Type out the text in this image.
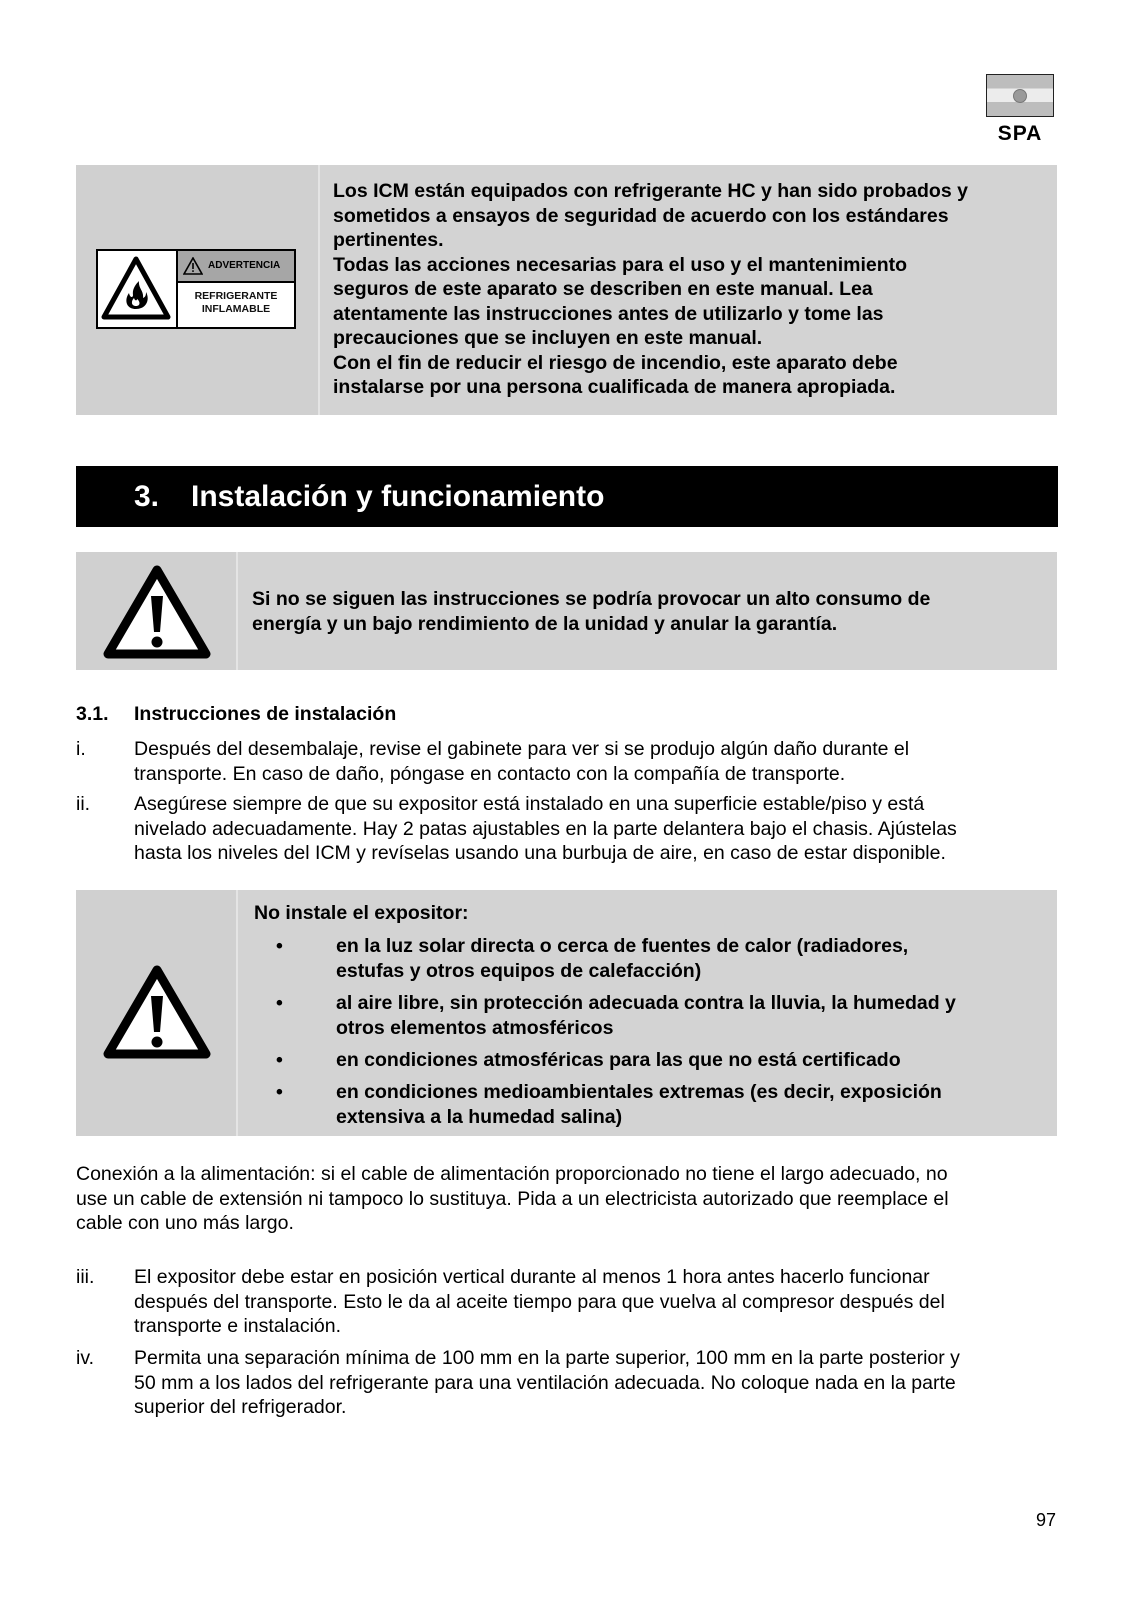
SPA
ADVERTENCIA
REFRIGERANTE
INFLAMABLE
Los ICM están equipados con refrigerante HC y han sido probados y
sometidos a ensayos de seguridad de acuerdo con los estándares
pertinentes.
Todas las acciones necesarias para el uso y el mantenimiento
seguros de este aparato se describen en este manual. Lea
atentamente las instrucciones antes de utilizarlo y tome las
precauciones que se incluyen en este manual.
Con el fin de reducir el riesgo de incendio, este aparato debe
instalarse por una persona cualificada de manera apropiada.
3. Instalación y funcionamiento
Si no se siguen las instrucciones se podría provocar un alto consumo de
energía y un bajo rendimiento de la unidad y anular la garantía.
3.1. Instrucciones de instalación
i. Después del desembalaje, revise el gabinete para ver si se produjo algún daño durante el
transporte. En caso de daño, póngase en contacto con la compañía de transporte.
ii. Asegúrese siempre de que su expositor está instalado en una superficie estable/piso y está
nivelado adecuadamente. Hay 2 patas ajustables en la parte delantera bajo el chasis. Ajústelas
hasta los niveles del ICM y revíselas usando una burbuja de aire, en caso de estar disponible.
No instale el expositor:
•	en la luz solar directa o cerca de fuentes de calor (radiadores,
estufas y otros equipos de calefacción)
•	al aire libre, sin protección adecuada contra la lluvia, la humedad y
otros elementos atmosféricos
•	en condiciones atmosféricas para las que no está certificado
•	en condiciones medioambientales extremas (es decir, exposición
extensiva a la humedad salina)
Conexión a la alimentación: si el cable de alimentación proporcionado no tiene el largo adecuado, no
use un cable de extensión ni tampoco lo sustituya. Pida a un electricista autorizado que reemplace el
cable con uno más largo.
iii. El expositor debe estar en posición vertical durante al menos 1 hora antes hacerlo funcionar
después del transporte. Esto le da al aceite tiempo para que vuelva al compresor después del
transporte e instalación.
iv. Permita una separación mínima de 100 mm en la parte superior, 100 mm en la parte posterior y
50 mm a los lados del refrigerante para una ventilación adecuada. No coloque nada en la parte
superior del refrigerador.
97
